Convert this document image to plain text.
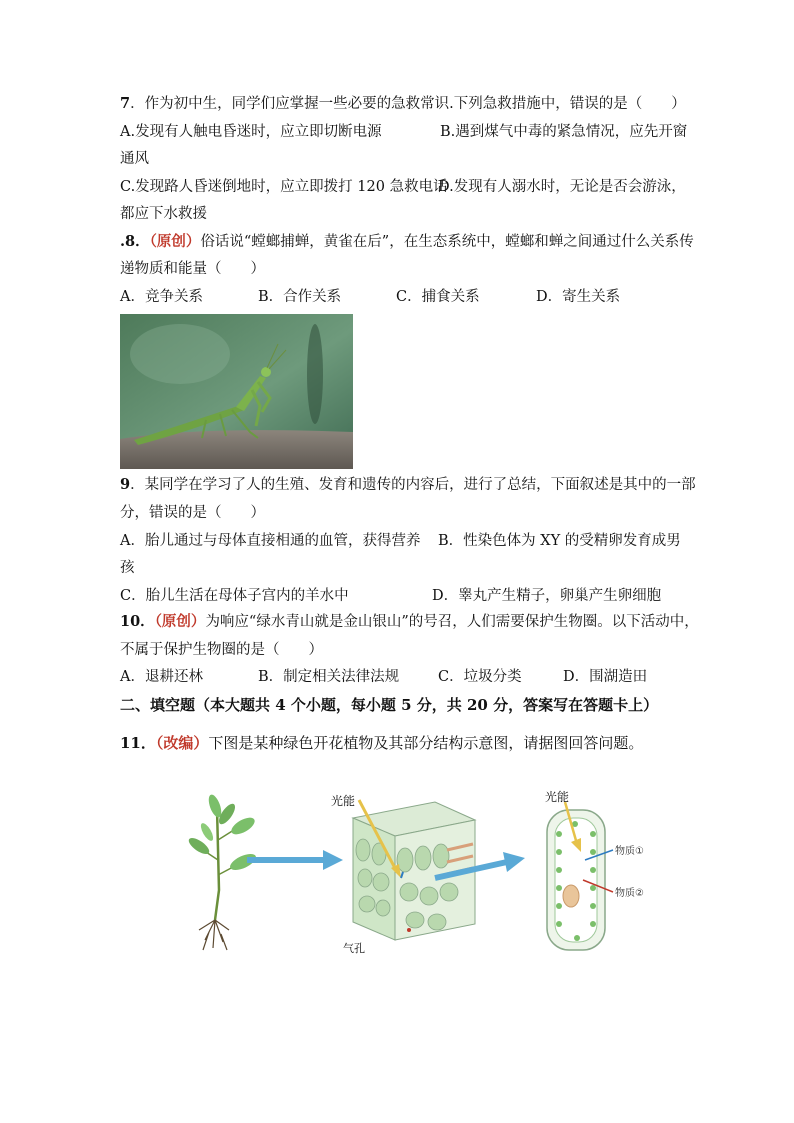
7．作为初中生，同学们应掌握一些必要的急救常识.下列急救措施中，错误的是（　　）
A.发现有人触电昏迷时，应立即切断电源	B.遇到煤气中毒的紧急情况，应先开窗
通风
C.发现路人昏迷倒地时，应立即拨打 120 急救电话
D.发现有人溺水时，无论是否会游泳，
都应下水救援
.8．（原创）俗话说“螳螂捕蝉，黄雀在后”，在生态系统中，螳螂和蝉之间通过什么关系传
递物质和能量（　　）
A．竞争关系	B．合作关系	C．捕食关系	D．寄生关系
9．某同学在学习了人的生殖、发育和遗传的内容后，进行了总结，下面叙述是其中的一部
分，错误的是（　　）
A．胎儿通过与母体直接相通的血管，获得营养 B．性染色体为 XY 的受精卵发育成男
孩
C．胎儿生活在母体子宫内的羊水中	D．睾丸产生精子，卵巢产生卵细胞
10．（原创）为响应“绿水青山就是金山银山”的号召，人们需要保护生物圈。以下活动中，
不属于保护生物圈的是（　　）
A．退耕还林	B．制定相关法律法规	C．垃圾分类	D．围湖造田
二、填空题（本大题共 4 个小题，每小题 5 分，共 20 分，答案写在答题卡上）
11．（改编）下图是某种绿色开花植物及其部分结构示意图，请据图回答问题。
光能	光能
气孔
物质①
物质②
